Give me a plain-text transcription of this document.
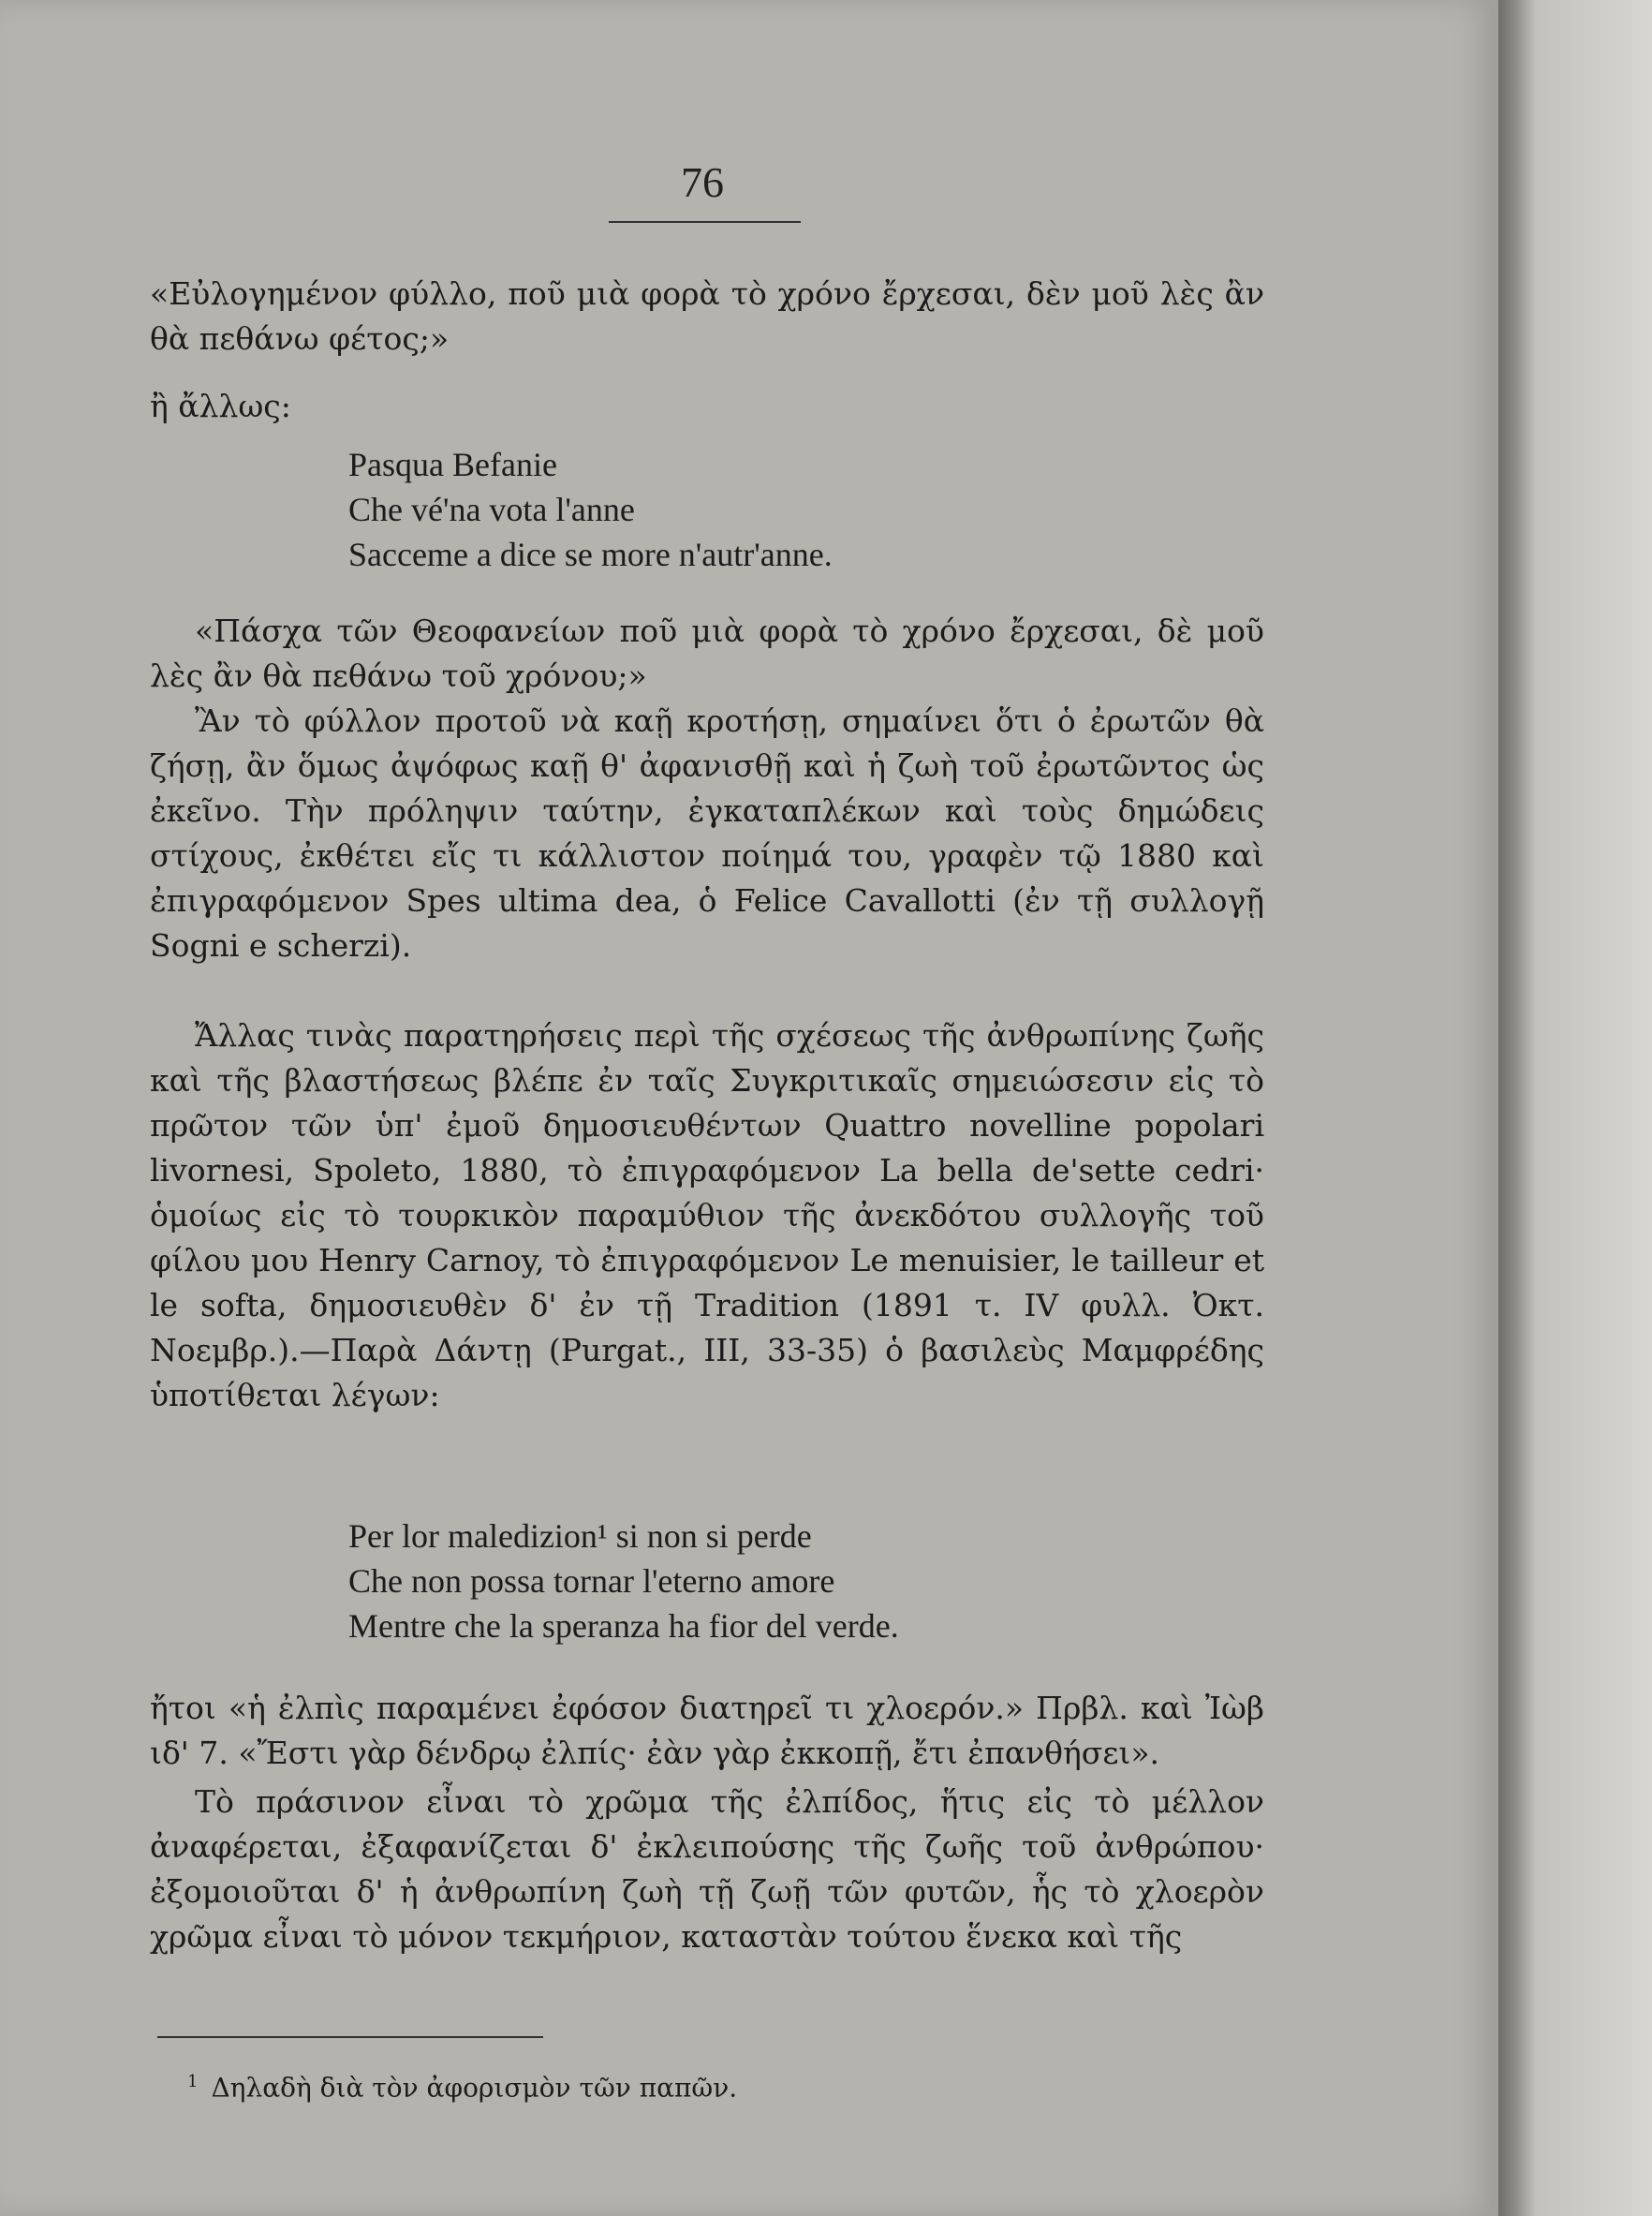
76

«Εὐλογημένον φύλλο, ποῦ μιὰ φορὰ τὸ χρόνο ἔρχεσαι, δὲν μοῦ λὲς ἂν θὰ πεθάνω φέτος;»

ἢ ἄλλως:

Pasqua Befanie
Che vé'na vota l'anne
Sacceme a dice se more n'autr'anne.

«Πάσχα τῶν Θεοφανείων ποῦ μιὰ φορὰ τὸ χρόνο ἔρχεσαι, δὲ μοῦ λὲς ἂν θὰ πεθάνω τοῦ χρόνου;»

Ἂν τὸ φύλλον προτοῦ νὰ καῇ κροτήσῃ, σημαίνει ὅτι ὁ ἐρωτῶν θὰ ζήσῃ, ἂν ὅμως ἀψόφως καῇ θ' ἀφανισθῇ καὶ ἡ ζωὴ τοῦ ἐρωτῶντος ὡς ἐκεῖνο. Τὴν πρόληψιν ταύτην, ἐγκαταπλέκων καὶ τοὺς δημώδεις στίχους, ἐκθέτει εἴς τι κάλλιστον ποίημά του, γραφὲν τῷ 1880 καὶ ἐπιγραφόμενον Spes ultima dea, ὁ Felice Cavallotti (ἐν τῇ συλλογῇ Sogni e scherzi).

Ἄλλας τινὰς παρατηρήσεις περὶ τῆς σχέσεως τῆς ἀνθρωπίνης ζωῆς καὶ τῆς βλαστήσεως βλέπε ἐν ταῖς Συγκριτικαῖς σημειώσεσιν εἰς τὸ πρῶτον τῶν ὑπ' ἐμοῦ δημοσιευθέντων Quattro novelline popolari livornesi, Spoleto, 1880, τὸ ἐπιγραφόμενον La bella de'sette cedri· ὁμοίως εἰς τὸ τουρκικὸν παραμύθιον τῆς ἀνεκδότου συλλογῆς τοῦ φίλου μου Henry Carnoy, τὸ ἐπιγραφόμενον Le menuisier, le tailleur et le softa, δημοσιευθὲν δ' ἐν τῇ Tradition (1891 τ. IV φυλλ. Ὀκτ. Νοεμβρ.).—Παρὰ Δάντῃ (Purgat., III, 33-35) ὁ βασιλεὺς Μαμφρέδης ὑποτίθεται λέγων:

Per lor maledizion¹ si non si perde
Che non possa tornar l'eterno amore
Mentre che la speranza ha fior del verde.

ἤτοι «ἡ ἐλπὶς παραμένει ἐφόσον διατηρεῖ τι χλοερόν.» Πρβλ. καὶ Ἰὼβ ιδ' 7. «Ἔστι γὰρ δένδρῳ ἐλπίς· ἐὰν γὰρ ἐκκοπῇ, ἔτι ἐπανθήσει».

Τὸ πράσινον εἶναι τὸ χρῶμα τῆς ἐλπίδος, ἥτις εἰς τὸ μέλλον ἀναφέρεται, ἐξαφανίζεται δ' ἐκλειπούσης τῆς ζωῆς τοῦ ἀνθρώπου· ἐξομοιοῦται δ' ἡ ἀνθρωπίνη ζωὴ τῇ ζωῇ τῶν φυτῶν, ἧς τὸ χλοερὸν χρῶμα εἶναι τὸ μόνον τεκμήριον, καταστὰν τούτου ἕνεκα καὶ τῆς

$^1$ Δηλαδὴ διὰ τὸν ἀφορισμὸν τῶν παπῶν.
